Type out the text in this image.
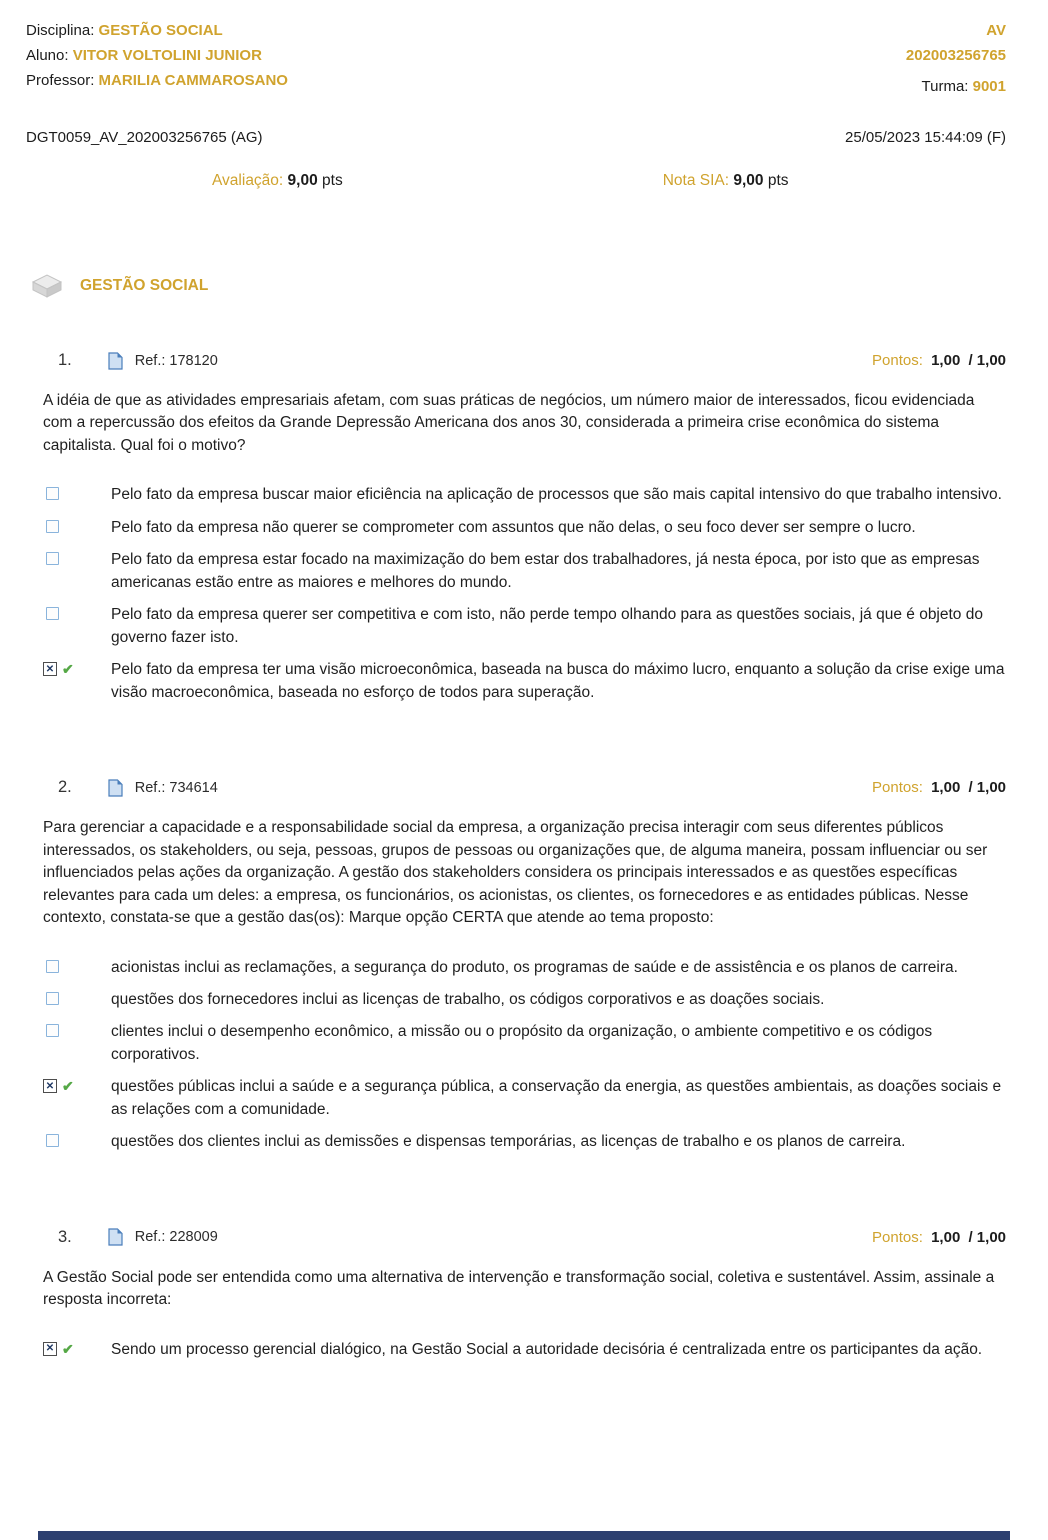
Disciplina: GESTÃO SOCIAL
Aluno: VITOR VOLTOLINI JUNIOR
Professor: MARILIA CAMMAROSANO
AV
202003256765
Turma: 9001
DGT0059_AV_202003256765 (AG)	25/05/2023 15:44:09 (F)
Avaliação: 9,00 pts	Nota SIA: 9,00 pts
GESTÃO SOCIAL
1.	Ref.: 178120	Pontos: 1,00 / 1,00
A idéia de que as atividades empresariais afetam, com suas práticas de negócios, um número maior de interessados, ficou evidenciada com a repercussão dos efeitos da Grande Depressão Americana dos anos 30, considerada a primeira crise econômica do sistema capitalista. Qual foi o motivo?
Pelo fato da empresa buscar maior eficiência na aplicação de processos que são mais capital intensivo do que trabalho intensivo.
Pelo fato da empresa não querer se comprometer com assuntos que não delas, o seu foco dever ser sempre o lucro.
Pelo fato da empresa estar focado na maximização do bem estar dos trabalhadores, já nesta época, por isto que as empresas americanas estão entre as maiores e melhores do mundo.
Pelo fato da empresa querer ser competitiva e com isto, não perde tempo olhando para as questões sociais, já que é objeto do governo fazer isto.
✕ ✔ Pelo fato da empresa ter uma visão microeconômica, baseada na busca do máximo lucro, enquanto a solução da crise exige uma visão macroeconômica, baseada no esforço de todos para superação.
2.	Ref.: 734614	Pontos: 1,00 / 1,00
Para gerenciar a capacidade e a responsabilidade social da empresa, a organização precisa interagir com seus diferentes públicos interessados, os stakeholders, ou seja, pessoas, grupos de pessoas ou organizações que, de alguma maneira, possam influenciar ou ser influenciados pelas ações da organização. A gestão dos stakeholders considera os principais interessados e as questões específicas relevantes para cada um deles: a empresa, os funcionários, os acionistas, os clientes, os fornecedores e as entidades públicas. Nesse contexto, constata-se que a gestão das(os): Marque opção CERTA que atende ao tema proposto:
acionistas inclui as reclamações, a segurança do produto, os programas de saúde e de assistência e os planos de carreira.
questões dos fornecedores inclui as licenças de trabalho, os códigos corporativos e as doações sociais.
clientes inclui o desempenho econômico, a missão ou o propósito da organização, o ambiente competitivo e os códigos corporativos.
✕ ✔ questões públicas inclui a saúde e a segurança pública, a conservação da energia, as questões ambientais, as doações sociais e as relações com a comunidade.
questões dos clientes inclui as demissões e dispensas temporárias, as licenças de trabalho e os planos de carreira.
3.	Ref.: 228009	Pontos: 1,00 / 1,00
A Gestão Social pode ser entendida como uma alternativa de intervenção e transformação social, coletiva e sustentável. Assim, assinale a resposta incorreta:
✕ ✔ Sendo um processo gerencial dialógico, na Gestão Social a autoridade decisória é centralizada entre os participantes da ação.
